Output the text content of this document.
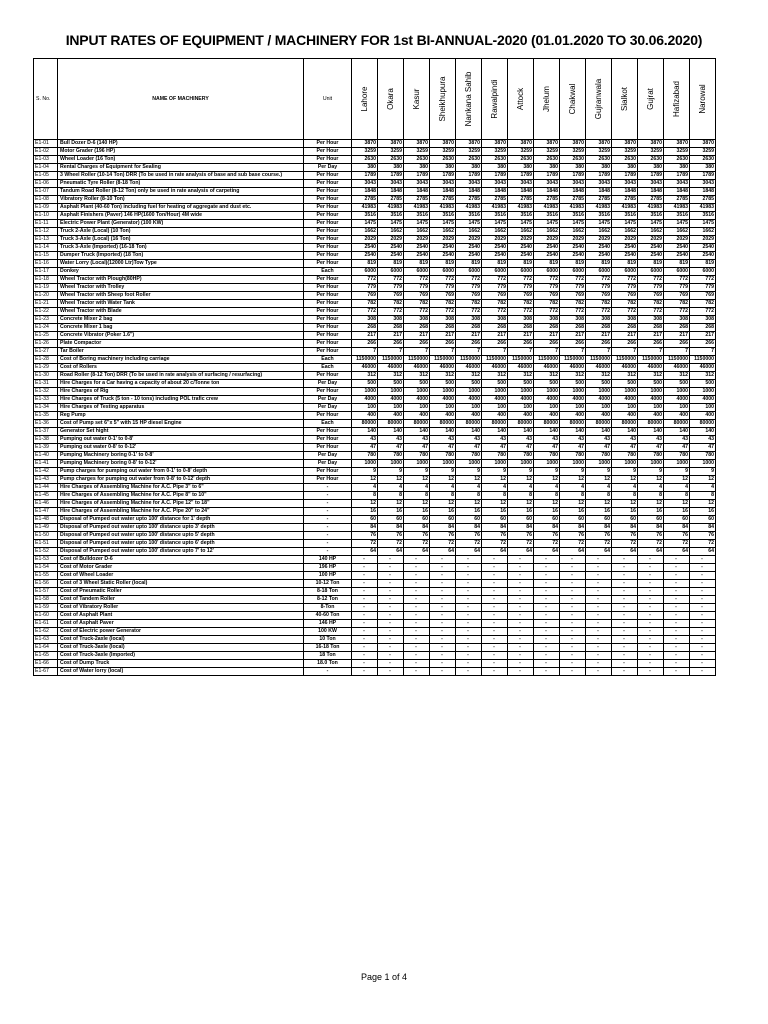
INPUT RATES OF EQUIPMENT / MACHINERY FOR 1st BI-ANNUAL-2020 (01.01.2020 TO 30.06.2020)
S. No.	NAME OF MACHINERY	Unit	Lahore	Okara	Kasur	Sheikhupura	Nankana Sahib	Rawalpindi	Attock	Jhelum	Chakwal	Gujranwala	Sialkot	Gujrat	Hafizabad	Narowal

E1-01	Bull Dozer D-6 (140 HP)	Per Hour	3870	3870	3870	3870	3870	3870	3870	3870	3870	3870	3870	3870	3870	3870
E1-02	Motor Grader (196 HP)	Per Hour	3259	3259	3259	3259	3259	3259	3259	3259	3259	3259	3259	3259	3259	3259
E1-03	Wheel Loader (16 Ton)	Per Hour	2630	2630	2630	2630	2630	2630	2630	2630	2630	2630	2630	2630	2630	2630
E1-04	Rental Charges of Equipment for Sealing	Per Day	380	380	380	380	380	380	380	380	380	380	380	380	380	380
E1-05	3 Wheel Roller (10-14 Ton) DRR (To be used in rate analysis of base and sub base course.)	Per Hour	1789	1789	1789	1789	1789	1789	1789	1789	1789	1789	1789	1789	1789	1789
E1-06	Pneumatic Tyre Roller (8-18 Ton)	Per Hour	3043	3043	3043	3043	3043	3043	3043	3043	3043	3043	3043	3043	3043	3043
E1-07	Tandum Road Roller (8-12 Ton) only be used in rate analysis of carpeting	Per Hour	1848	1848	1848	1848	1848	1848	1848	1848	1848	1848	1848	1848	1848	1848
E1-08	Vibratory Roller (8-10 Ton)	Per Hour	2785	2785	2785	2785	2785	2785	2785	2785	2785	2785	2785	2785	2785	2785
E1-09	Asphalt Plant (40-60 Ton) including fuel for heating of aggregate and dust etc.	Per Hour	41983	41983	41983	41983	41983	41983	41983	41983	41983	41983	41983	41983	41983	41983
E1-10	Asphalt Finishers (Paver) 146 HP(1600 Ton/Hour) 4M wide	Per Hour	3516	3516	3516	3516	3516	3516	3516	3516	3516	3516	3516	3516	3516	3516
E1-11	Electric Power Plant (Generator) (100 KW)	Per Hour	1475	1475	1475	1475	1475	1475	1475	1475	1475	1475	1475	1475	1475	1475
E1-12	Truck 2-Axle (Local) (10 Ton)	Per Hour	1662	1662	1662	1662	1662	1662	1662	1662	1662	1662	1662	1662	1662	1662
E1-13	Truck 3-Axle (Local) (16 Ton)	Per Hour	2029	2029	2029	2029	2029	2029	2029	2029	2029	2029	2029	2029	2029	2029
E1-14	Truck 3-Axle (Imported) (16-18 Ton)	Per Hour	2540	2540	2540	2540	2540	2540	2540	2540	2540	2540	2540	2540	2540	2540
E1-15	Dumper Truck (Imported) (18 Ton)	Per Hour	2540	2540	2540	2540	2540	2540	2540	2540	2540	2540	2540	2540	2540	2540
E1-16	Water Lorry (Local)(12000 Ltr)Tow Type	Per Hour	819	819	819	819	819	819	819	819	819	819	819	819	819	819
E1-17	Donkey	Each	6000	6000	6000	6000	6000	6000	6000	6000	6000	6000	6000	6000	6000	6000
E1-18	Wheel Tractor with Plough(80HP)	Per Hour	772	772	772	772	772	772	772	772	772	772	772	772	772	772
E1-19	Wheel Tractor with Trolley	Per Hour	779	779	779	779	779	779	779	779	779	779	779	779	779	779
E1-20	Wheel Tractor with Sheep foot Roller	Per Hour	769	769	769	769	769	769	769	769	769	769	769	769	769	769
E1-21	Wheel Tractor with Water Tank	Per Hour	782	782	782	782	782	782	782	782	782	782	782	782	782	782
E1-22	Wheel Tractor with Blade	Per Hour	772	772	772	772	772	772	772	772	772	772	772	772	772	772
E1-23	Concrete Mixer 2 bag	Per Hour	308	308	308	308	308	308	308	308	308	308	308	308	308	308
E1-24	Concrete Mixer 1 bag	Per Hour	268	268	268	268	268	268	268	268	268	268	268	268	268	268
E1-25	Concrete Vibrator (Poker 1.6")	Per Hour	217	217	217	217	217	217	217	217	217	217	217	217	217	217
E1-26	Plate Compactor	Per Hour	266	266	266	266	266	266	266	266	266	266	266	266	266	266
E1-27	Tar Boiler	Per Hour	7	7	7	7	7	7	7	7	7	7	7	7	7	7
E1-28	Cost of Boring machinery including carriage	Each	1150000	1150000	1150000	1150000	1150000	1150000	1150000	1150000	1150000	1150000	1150000	1150000	1150000	1150000
E1-29	Cost of Rollers	Each	46000	46000	46000	46000	46000	46000	46000	46000	46000	46000	46000	46000	46000	46000
E1-30	Road Roller (8-12 Ton) DRR (To be used in rate analysis of surfacing / resurfacing)	Per Hour	312	312	312	312	312	312	312	312	312	312	312	312	312	312
E1-31	Hire Charges for a Car having a capacity of about 20 c/Tonne ton	Per Day	500	500	500	500	500	500	500	500	500	500	500	500	500	500
E1-32	Hire Charges of Rig	Per Hour	1000	1000	1000	1000	1000	1000	1000	1000	1000	1000	1000	1000	1000	1000
E1-33	Hire Charges of Truck (5 ton - 10 tons) including POL trafic crew	Per Day	4000	4000	4000	4000	4000	4000	4000	4000	4000	4000	4000	4000	4000	4000
E1-34	Hire Charges of Testing apparatus	Per Day	100	100	100	100	100	100	100	100	100	100	100	100	100	100
E1-35	Reg Pump	Per Hour	400	400	400	400	400	400	400	400	400	400	400	400	400	400
E1-36	Cost of Pump set 6"x 5" with 15 HP diesel Engine	Each	80000	80000	80000	80000	80000	80000	80000	80000	80000	80000	80000	80000	80000	80000
E1-37	Generator Set hight	Per Hour	140	140	140	140	140	140	140	140	140	140	140	140	140	140
E1-38	Pumping out water 0-1' to 0-8'	Per Hour	43	43	43	43	43	43	43	43	43	43	43	43	43	43
E1-39	Pumping out water 0-8' to 0-12'	Per Hour	47	47	47	47	47	47	47	47	47	47	47	47	47	47
E1-40	Pumping Machinery boring 0-1' to 0-8'	Per Day	780	780	780	780	780	780	780	780	780	780	780	780	780	780
E1-41	Pumping Machinery boring 0-8' to 0-12'	Per Day	1000	1000	1000	1000	1000	1000	1000	1000	1000	1000	1000	1000	1000	1000
E1-42	Pump charges for pumping out water from 0-1' to 0-8' depth	Per Hour	9	9	9	9	9	9	9	9	9	9	9	9	9	9
E1-43	Pump charges for pumping out water from 0-8' to 0-12' depth	Per Hour	12	12	12	12	12	12	12	12	12	12	12	12	12	12
E1-44	Hire Charges of Assembling Machine for A.C. Pipe 3" to 6"	-	4	4	4	4	4	4	4	4	4	4	4	4	4	4
E1-45	Hire Charges of Assembling Machine for A.C. Pipe 8" to 10"	-	8	8	8	8	8	8	8	8	8	8	8	8	8	8
E1-46	Hire Charges of Assembling Machine for A.C. Pipe 12" to 18"	-	12	12	12	12	12	12	12	12	12	12	12	12	12	12
E1-47	Hire Charges of Assembling Machine for A.C. Pipe 20" to 24"	-	16	16	16	16	16	16	16	16	16	16	16	16	16	16
E1-48	Disposal of Pumped out water upto 100' distance for 1' depth	-	60	60	60	60	60	60	60	60	60	60	60	60	60	60
E1-49	Disposal of Pumped out water upto 100' distance upto 3' depth	-	84	84	84	84	84	84	84	84	84	84	84	84	84	84
E1-50	Disposal of Pumped out water upto 100' distance upto 5' depth	-	76	76	76	76	76	76	76	76	76	76	76	76	76	76
E1-51	Disposal of Pumped out water upto 100' distance upto 6' depth	-	72	72	72	72	72	72	72	72	72	72	72	72	72	72
E1-52	Disposal of Pumped out water upto 100' distance upto 7' to 12'	-	64	64	64	64	64	64	64	64	64	64	64	64	64	64
E1-53	Cost of Bulldozer D-6	140 HP	-	-	-	-	-	-	-	-	-	-	-	-	-	-
E1-54	Cost of Motor Grader	196 HP	-	-	-	-	-	-	-	-	-	-	-	-	-	-
E1-55	Cost of Wheel Loader	100 HP	-	-	-	-	-	-	-	-	-	-	-	-	-	-
E1-56	Cost of 3 Wheel Static Roller (local)	10-12 Ton	-	-	-	-	-	-	-	-	-	-	-	-	-	-
E1-57	Cost of Pneumatic Roller	8-18 Ton	-	-	-	-	-	-	-	-	-	-	-	-	-	-
E1-58	Cost of Tandem Roller	8-12 Ton	-	-	-	-	-	-	-	-	-	-	-	-	-	-
E1-59	Cost of Vibratory Roller	8-Ton	-	-	-	-	-	-	-	-	-	-	-	-	-	-
E1-60	Cost of Asphalt Plant	40-60 Ton	-	-	-	-	-	-	-	-	-	-	-	-	-	-
E1-61	Cost of Asphalt Paver	146 HP	-	-	-	-	-	-	-	-	-	-	-	-	-	-
E1-62	Cost of Electric power Generator	100 KW	-	-	-	-	-	-	-	-	-	-	-	-	-	-
E1-63	Cost of Truck-2axle (local)	10 Ton	-	-	-	-	-	-	-	-	-	-	-	-	-	-
E1-64	Cost of Truck-3axle (local)	16-18 Ton	-	-	-	-	-	-	-	-	-	-	-	-	-	-
E1-65	Cost of Truck-3axle (Imported)	18 Ton	-	-	-	-	-	-	-	-	-	-	-	-	-	-
E1-66	Cost of Dump Truck	18.0 Ton	-	-	-	-	-	-	-	-	-	-	-	-	-	-
E1-67	Cost of Water lorry (local)	-	-	-	-	-	-	-	-	-	-	-	-	-	-	-
Page 1 of 4
